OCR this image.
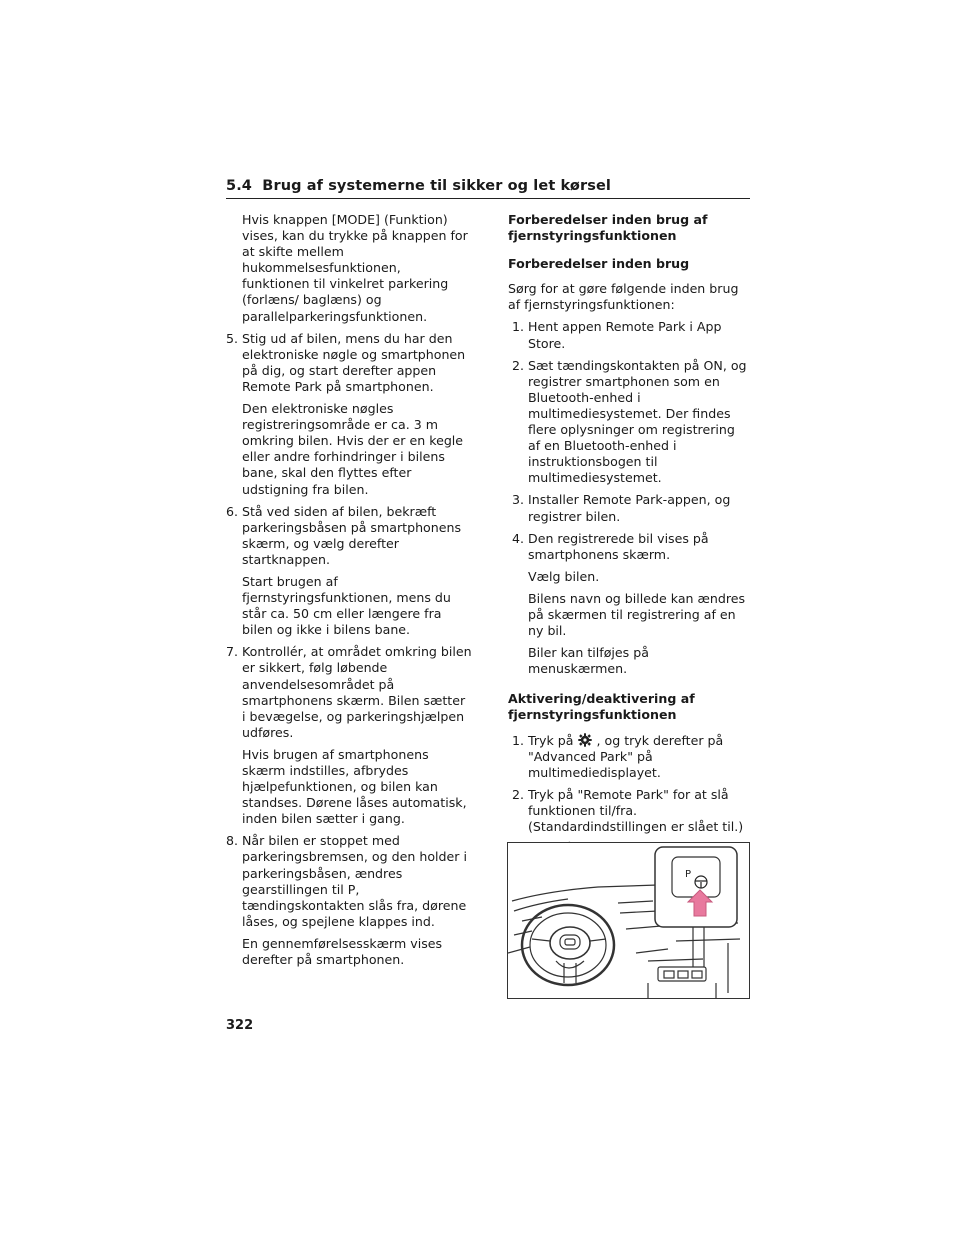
5.4 Brug af systemerne til sikker og let kørsel

Hvis knappen [MODE] (Funktion) vises, kan du trykke på knappen for at skifte mellem hukommelsesfunktionen, funktionen til vinkelret parkering (forlæns/ baglæns) og parallelparkeringsfunktionen.

5. Stig ud af bilen, mens du har den elektroniske nøgle og smartphonen på dig, og start derefter appen Remote Park på smartphonen.

Den elektroniske nøgles registreringsområde er ca. 3 m omkring bilen. Hvis der er en kegle eller andre forhindringer i bilens bane, skal den flyttes efter udstigning fra bilen.

6. Stå ved siden af bilen, bekræft parkeringsbåsen på smartphonens skærm, og vælg derefter startknappen.

Start brugen af fjernstyringsfunktionen, mens du står ca. 50 cm eller længere fra bilen og ikke i bilens bane.

7. Kontrollér, at området omkring bilen er sikkert, følg løbende anvendelsesområdet på smartphonens skærm. Bilen sætter i bevægelse, og parkeringshjælpen udføres.

Hvis brugen af smartphonens skærm indstilles, afbrydes hjælpefunktionen, og bilen kan standses. Dørene låses automatisk, inden bilen sætter i gang.

8. Når bilen er stoppet med parkeringsbremsen, og den holder i parkeringsbåsen, ændres gearstillingen til P, tændingskontakten slås fra, dørene låses, og spejlene klappes ind.

En gennemførelsesskærm vises derefter på smartphonen.

Forberedelser inden brug af fjernstyringsfunktionen
Forberedelser inden brug

Sørg for at gøre følgende inden brug af fjernstyringsfunktionen:

1. Hent appen Remote Park i App Store.
2. Sæt tændingskontakten på ON, og registrer smartphonen som en Bluetooth-enhed i multimediesystemet. Der findes flere oplysninger om registrering af en Bluetooth-enhed i instruktionsbogen til multimediesystemet.
3. Installer Remote Park-appen, og registrer bilen.
4. Den registrerede bil vises på smartphonens skærm.

Vælg bilen.

Bilens navn og billede kan ændres på skærmen til registrering af en ny bil.

Biler kan tilføjes på menuskærmen.

Aktivering/deaktivering af fjernstyringsfunktionen
1. Tryk på , og tryk derefter på "Advanced Park" på multimediedisplayet.
2. Tryk på "Remote Park" for at slå funktionen til/fra. (Standardindstillingen er slået til.)

P
322
